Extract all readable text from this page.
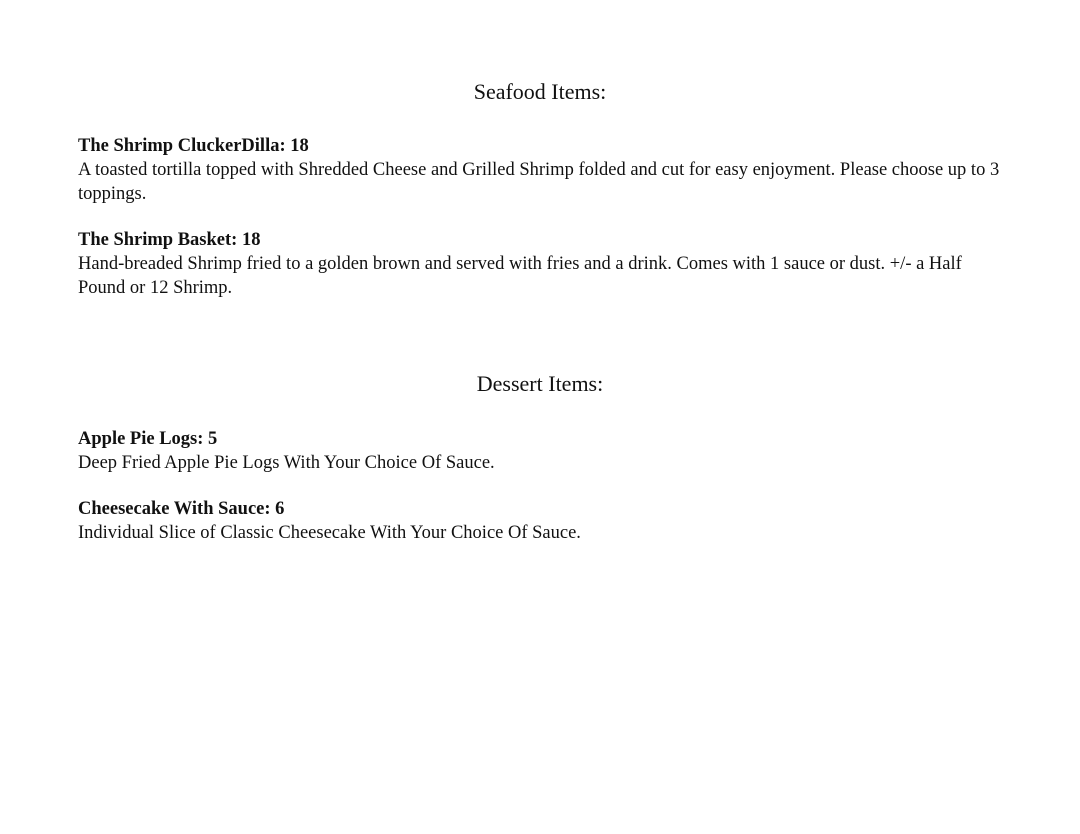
Seafood Items:

The Shrimp CluckerDilla: 18

A toasted tortilla topped with Shredded Cheese and Grilled Shrimp folded and cut for easy enjoyment. Please choose up to 3 toppings.

The Shrimp Basket: 18

Hand-breaded Shrimp fried to a golden brown and served with fries and a drink. Comes with 1 sauce or dust. +/- a Half Pound or 12 Shrimp.

Dessert Items:

Apple Pie Logs: 5

Deep Fried Apple Pie Logs With Your Choice Of Sauce.

Cheesecake With Sauce: 6

Individual Slice of Classic Cheesecake With Your Choice Of Sauce.
